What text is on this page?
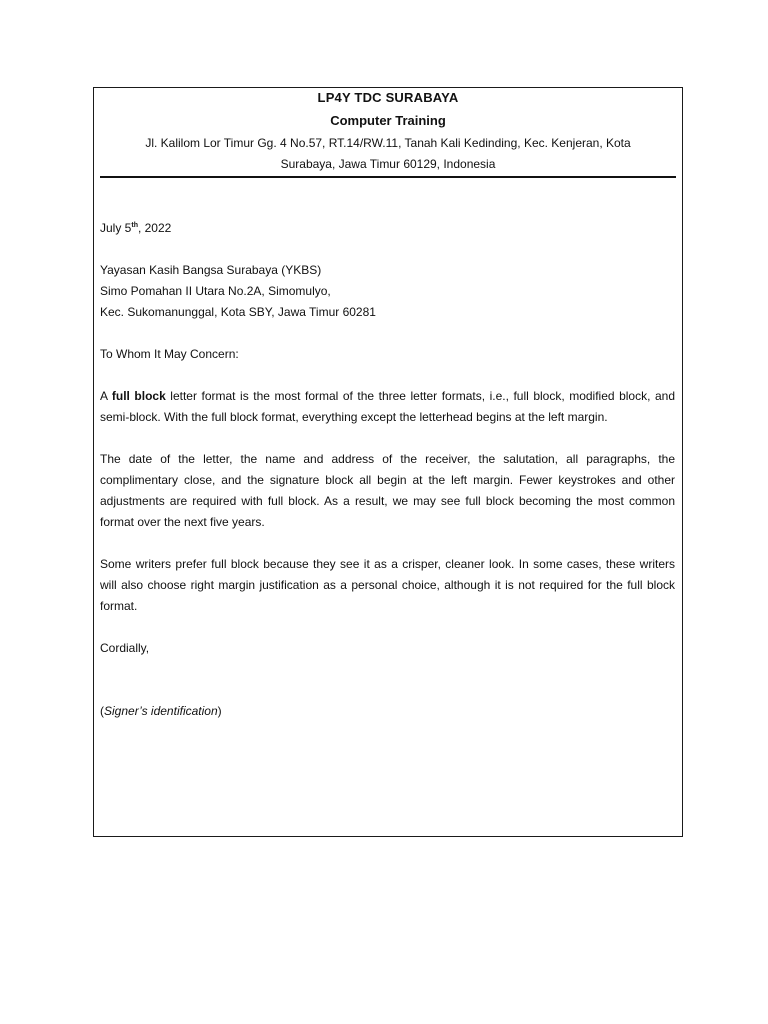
LP4Y TDC SURABAYA
Computer Training
Jl. Kalilom Lor Timur Gg. 4 No.57, RT.14/RW.11, Tanah Kali Kedinding, Kec. Kenjeran, Kota Surabaya, Jawa Timur 60129, Indonesia

July 5th, 2022

Yayasan Kasih Bangsa Surabaya (YKBS)

Simo Pomahan II Utara No.2A, Simomulyo,

Kec. Sukomanunggal, Kota SBY, Jawa Timur 60281

To Whom It May Concern:

A full block letter format is the most formal of the three letter formats, i.e., full block, modified block, and semi-block. With the full block format, everything except the letterhead begins at the left margin.

The date of the letter, the name and address of the receiver, the salutation, all paragraphs, the complimentary close, and the signature block all begin at the left margin. Fewer keystrokes and other adjustments are required with full block. As a result, we may see full block becoming the most common format over the next five years.

Some writers prefer full block because they see it as a crisper, cleaner look. In some cases, these writers will also choose right margin justification as a personal choice, although it is not required for the full block format.

Cordially,

(Signer’s identification)
